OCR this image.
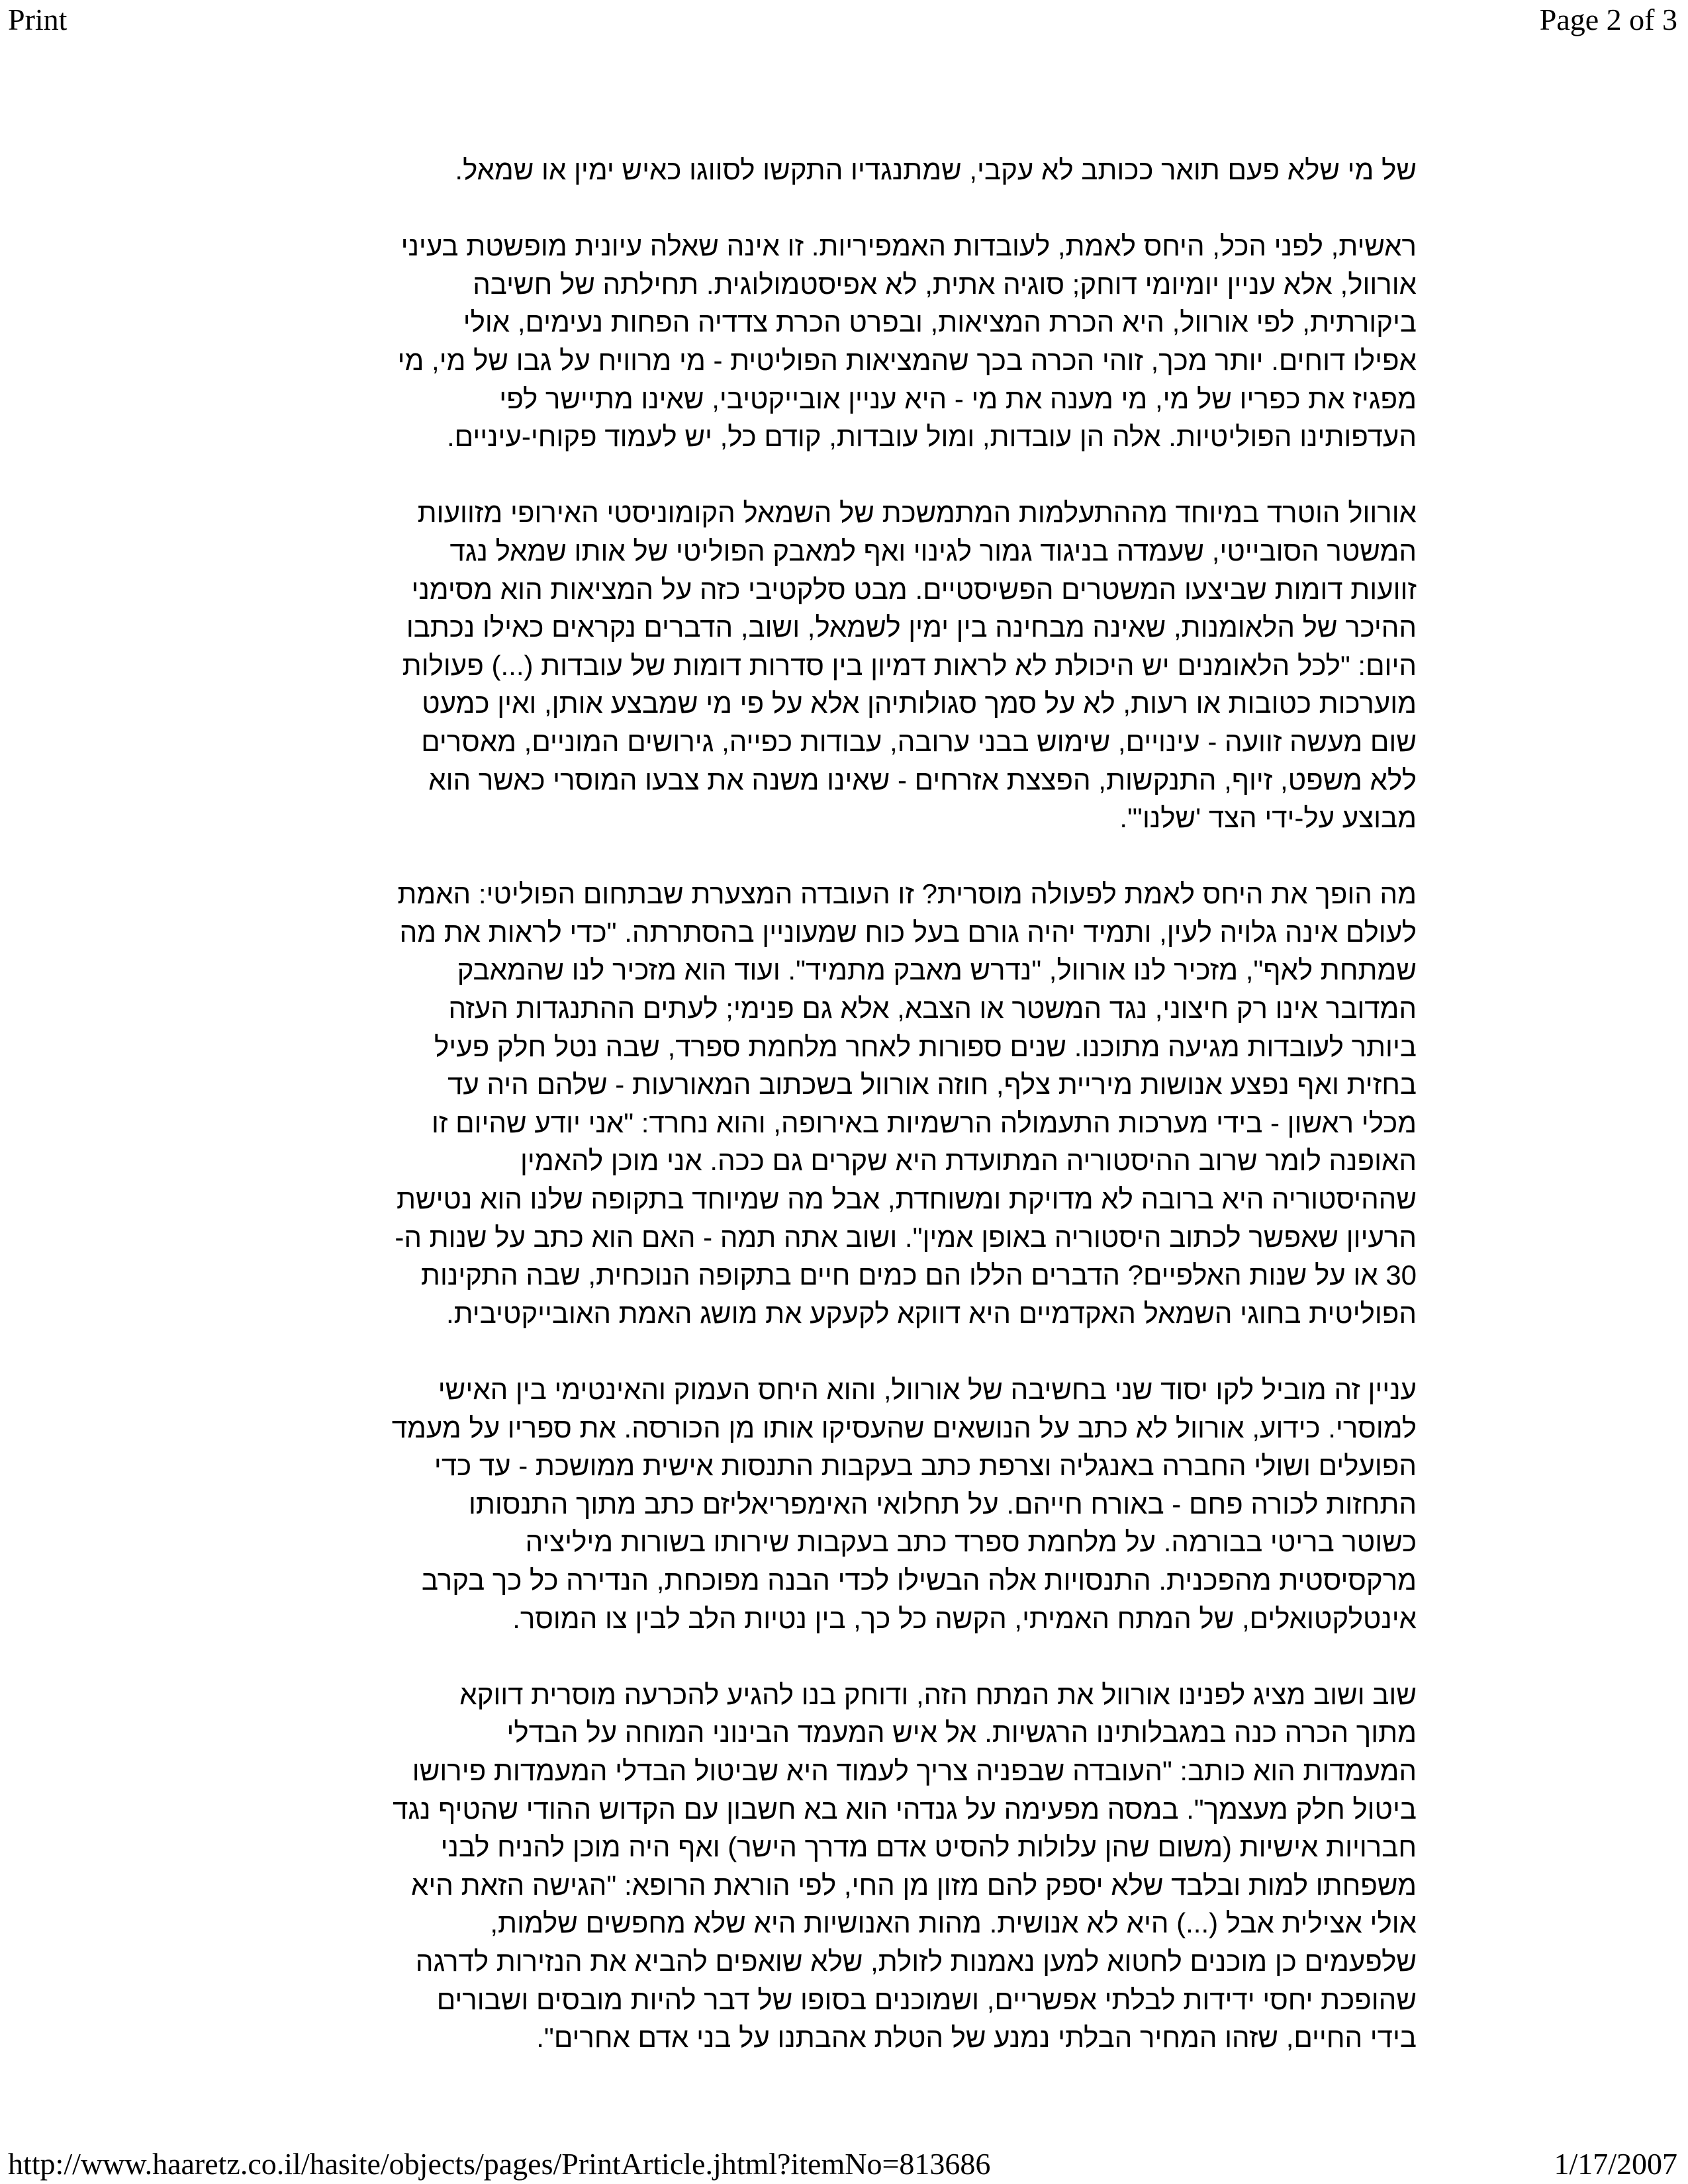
Print	Page 2 of 3
של מי שלא פעם תואר ככותב לא עקבי, שמתנגדיו התקשו לסווגו כאיש ימין או שמאל.
ראשית, לפני הכל, היחס לאמת, לעובדות האמפיריות. זו אינה שאלה עיונית מופשטת בעיני
אורוול, אלא עניין יומיומי דוחק; סוגיה אתית, לא אפיסטמולוגית. תחילתה של חשיבה
ביקורתית, לפי אורוול, היא הכרת המציאות, ובפרט הכרת צדדיה הפחות נעימים, אולי
אפילו דוחים. יותר מכך, זוהי הכרה בכך שהמציאות הפוליטית - מי מרוויח על גבו של מי, מי
מפגיז את כפריו של מי, מי מענה את מי - היא עניין אובייקטיבי, שאינו מתיישר לפי
העדפותינו הפוליטיות. אלה הן עובדות, ומול עובדות, קודם כל, יש לעמוד פקוחי-עיניים.
אורוול הוטרד במיוחד מההתעלמות המתמשכת של השמאל הקומוניסטי האירופי מזוועות
המשטר הסובייטי, שעמדה בניגוד גמור לגינוי ואף למאבק הפוליטי של אותו שמאל נגד
זוועות דומות שביצעו המשטרים הפשיסטיים. מבט סלקטיבי כזה על המציאות הוא מסימני
ההיכר של הלאומנות, שאינה מבחינה בין ימין לשמאל, ושוב, הדברים נקראים כאילו נכתבו
היום: "לכל הלאומנים יש היכולת לא לראות דמיון בין סדרות דומות של עובדות (...) פעולות
מוערכות כטובות או רעות, לא על סמך סגולותיהן אלא על פי מי שמבצע אותן, ואין כמעט
שום מעשה זוועה - עינויים, שימוש בבני ערובה, עבודות כפייה, גירושים המוניים, מאסרים
ללא משפט, זיוף, התנקשות, הפצצת אזרחים - שאינו משנה את צבעו המוסרי כאשר הוא
מבוצע על-ידי הצד 'שלנו'".
מה הופך את היחס לאמת לפעולה מוסרית? זו העובדה המצערת שבתחום הפוליטי: האמת
לעולם אינה גלויה לעין, ותמיד יהיה גורם בעל כוח שמעוניין בהסתרתה. "כדי לראות את מה
שמתחת לאף", מזכיר לנו אורוול, "נדרש מאבק מתמיד". ועוד הוא מזכיר לנו שהמאבק
המדובר אינו רק חיצוני, נגד המשטר או הצבא, אלא גם פנימי; לעתים ההתנגדות העזה
ביותר לעובדות מגיעה מתוכנו. שנים ספורות לאחר מלחמת ספרד, שבה נטל חלק פעיל
בחזית ואף נפצע אנושות מיריית צלף, חוזה אורוול בשכתוב המאורעות - שלהם היה עד
מכלי ראשון - בידי מערכות התעמולה הרשמיות באירופה, והוא נחרד: "אני יודע שהיום זו
האופנה לומר שרוב ההיסטוריה המתועדת היא שקרים גם ככה. אני מוכן להאמין
שההיסטוריה היא ברובה לא מדויקת ומשוחדת, אבל מה שמיוחד בתקופה שלנו הוא נטישת
הרעיון שאפשר לכתוב היסטוריה באופן אמין". ושוב אתה תמה - האם הוא כתב על שנות ה-
30 או על שנות האלפיים? הדברים הללו הם כמים חיים בתקופה הנוכחית, שבה התקינות
הפוליטית בחוגי השמאל האקדמיים היא דווקא לקעקע את מושג האמת האובייקטיבית.
עניין זה מוביל לקו יסוד שני בחשיבה של אורוול, והוא היחס העמוק והאינטימי בין האישי
למוסרי. כידוע, אורוול לא כתב על הנושאים שהעסיקו אותו מן הכורסה. את ספריו על מעמד
הפועלים ושולי החברה באנגליה וצרפת כתב בעקבות התנסות אישית ממושכת - עד כדי
התחזות לכורה פחם - באורח חייהם. על תחלואי האימפריאליזם כתב מתוך התנסותו
כשוטר בריטי בבורמה. על מלחמת ספרד כתב בעקבות שירותו בשורות מיליציה
מרקסיסטית מהפכנית. התנסויות אלה הבשילו לכדי הבנה מפוכחת, הנדירה כל כך בקרב
אינטלקטואלים, של המתח האמיתי, הקשה כל כך, בין נטיות הלב לבין צו המוסר.
שוב ושוב מציג לפנינו אורוול את המתח הזה, ודוחק בנו להגיע להכרעה מוסרית דווקא
מתוך הכרה כנה במגבלותינו הרגשיות. אל איש המעמד הבינוני המוחה על הבדלי
המעמדות הוא כותב: "העובדה שבפניה צריך לעמוד היא שביטול הבדלי המעמדות פירושו
ביטול חלק מעצמך". במסה מפעימה על גנדהי הוא בא חשבון עם הקדוש ההודי שהטיף נגד
חברויות אישיות (משום שהן עלולות להסיט אדם מדרך הישר) ואף היה מוכן להניח לבני
משפחתו למות ובלבד שלא יספק להם מזון מן החי, לפי הוראת הרופא: "הגישה הזאת היא
אולי אצילית אבל (...) היא לא אנושית. מהות האנושיות היא שלא מחפשים שלמות,
שלפעמים כן מוכנים לחטוא למען נאמנות לזולת, שלא שואפים להביא את הנזירות לדרגה
שהופכת יחסי ידידות לבלתי אפשריים, ושמוכנים בסופו של דבר להיות מובסים ושבורים
בידי החיים, שזהו המחיר הבלתי נמנע של הטלת אהבתנו על בני אדם אחרים".
http://www.haaretz.co.il/hasite/objects/pages/PrintArticle.jhtml?itemNo=813686	1/17/2007
